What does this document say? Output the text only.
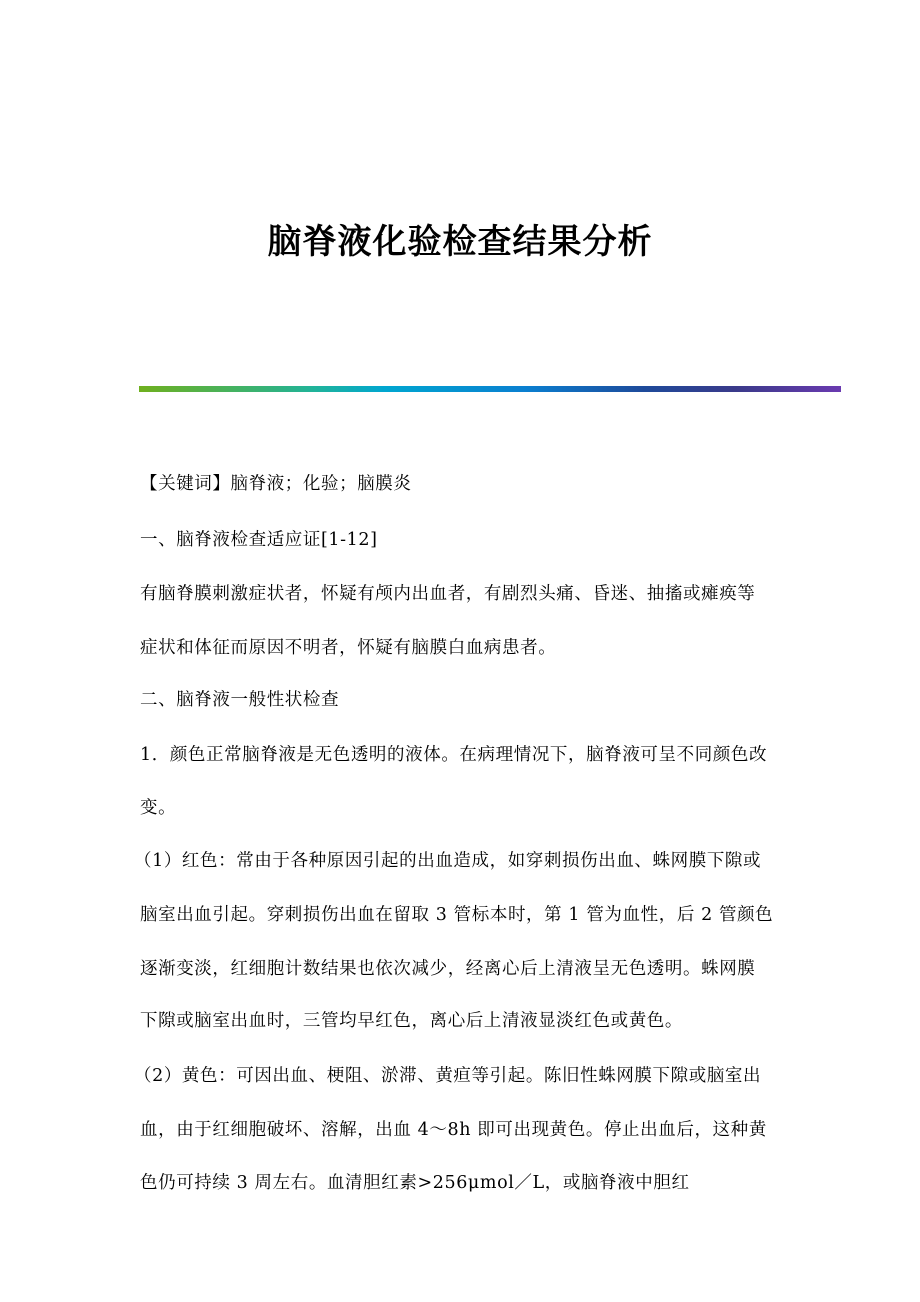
脑脊液化验检查结果分析
【关键词】脑脊液；化验；脑膜炎
一、脑脊液检查适应证[1-12]
有脑脊膜刺激症状者，怀疑有颅内出血者，有剧烈头痛、昏迷、抽搐或瘫痪等
症状和体征而原因不明者，怀疑有脑膜白血病患者。
二、脑脊液一般性状检查
1．颜色正常脑脊液是无色透明的液体。在病理情况下，脑脊液可呈不同颜色改
变。
（1）红色：常由于各种原因引起的出血造成，如穿刺损伤出血、蛛网膜下隙或
脑室出血引起。穿刺损伤出血在留取 3 管标本时，第 1 管为血性，后 2 管颜色
逐渐变淡，红细胞计数结果也依次减少，经离心后上清液呈无色透明。蛛网膜
下隙或脑室出血时，三管均早红色，离心后上清液显淡红色或黄色。
（2）黄色：可因出血、梗阻、淤滞、黄疸等引起。陈旧性蛛网膜下隙或脑室出
血，由于红细胞破坏、溶解，出血 4～8h 即可出现黄色。停止出血后，这种黄
色仍可持续 3 周左右。血清胆红素>256μmol／L，或脑脊液中胆红
